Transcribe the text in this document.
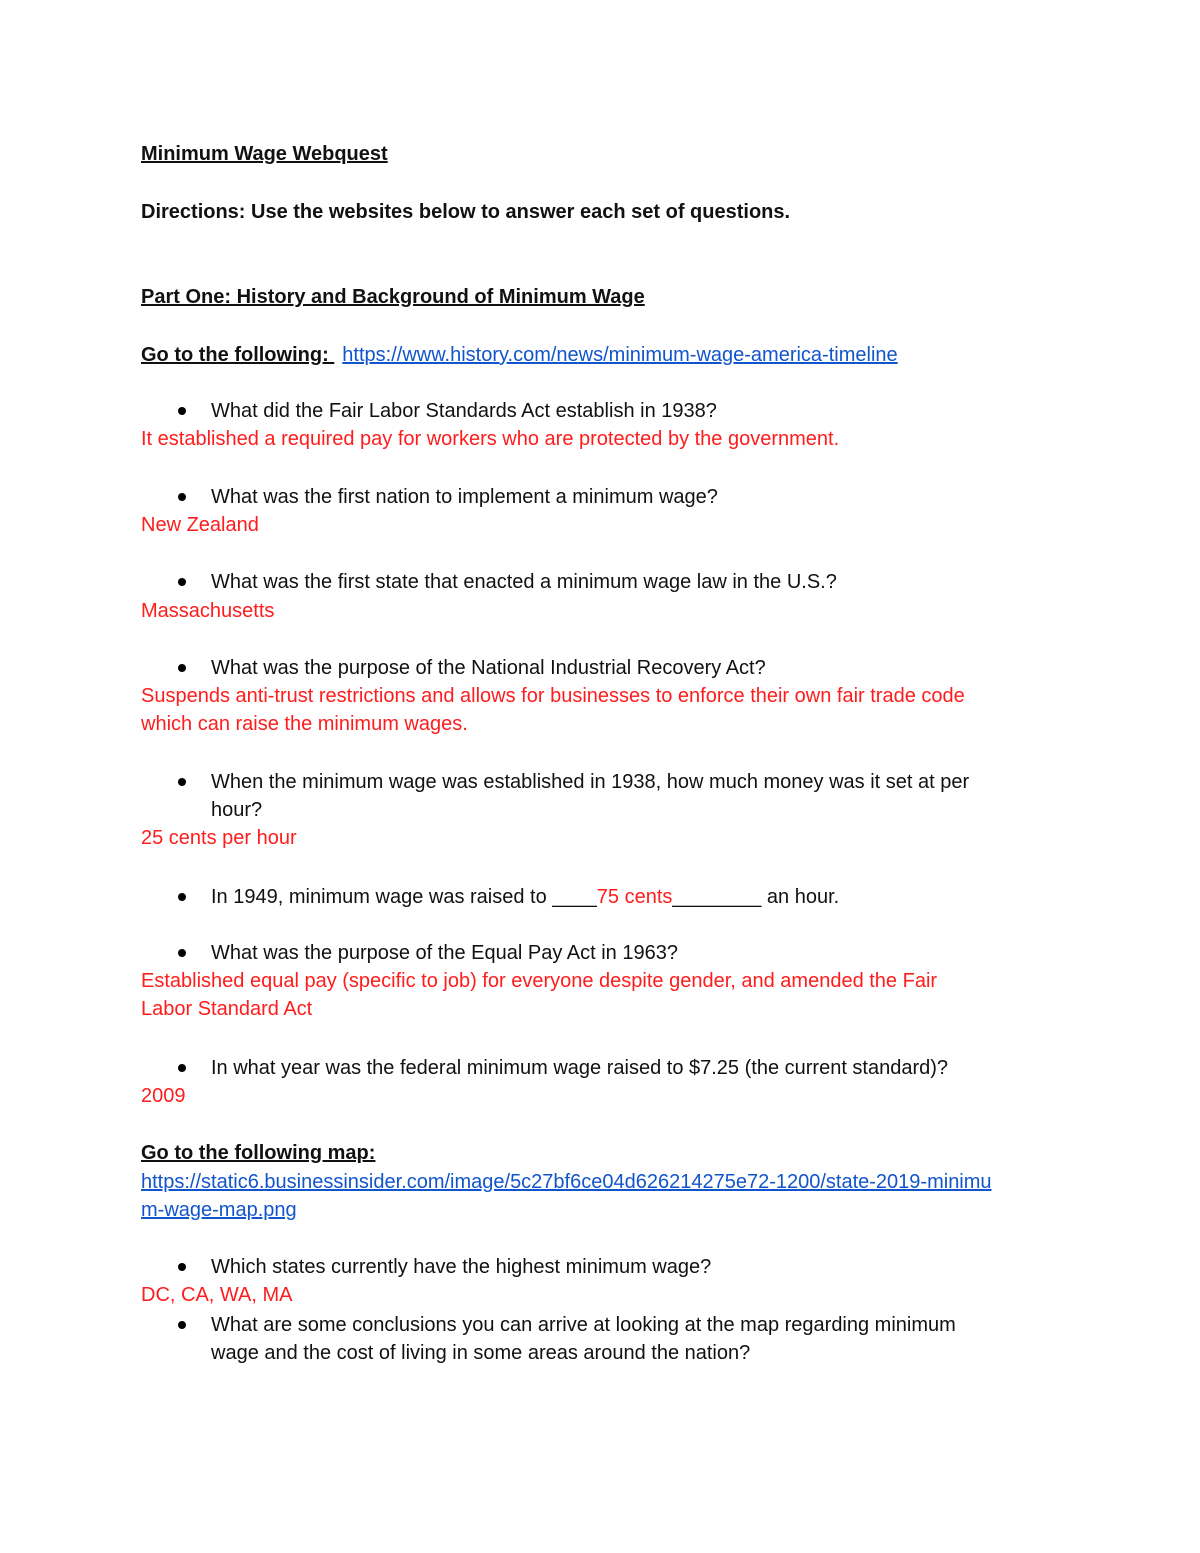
Minimum Wage Webquest
Directions: Use the websites below to answer each set of questions.
Part One: History and Background of Minimum Wage
Go to the following: https://www.history.com/news/minimum-wage-america-timeline
What did the Fair Labor Standards Act establish in 1938?
It established a required pay for workers who are protected by the government.
What was the first nation to implement a minimum wage?
New Zealand
What was the first state that enacted a minimum wage law in the U.S.?
Massachusetts
What was the purpose of the National Industrial Recovery Act?
Suspends anti-trust restrictions and allows for businesses to enforce their own fair trade code
which can raise the minimum wages.
When the minimum wage was established in 1938, how much money was it set at per
hour?
25 cents per hour
In 1949, minimum wage was raised to ____75 cents________ an hour.
What was the purpose of the Equal Pay Act in 1963?
Established equal pay (specific to job) for everyone despite gender, and amended the Fair
Labor Standard Act
In what year was the federal minimum wage raised to $7.25 (the current standard)?
2009
Go to the following map:
https://static6.businessinsider.com/image/5c27bf6ce04d626214275e72-1200/state-2019-minimu
m-wage-map.png
Which states currently have the highest minimum wage?
DC, CA, WA, MA
What are some conclusions you can arrive at looking at the map regarding minimum
wage and the cost of living in some areas around the nation?
